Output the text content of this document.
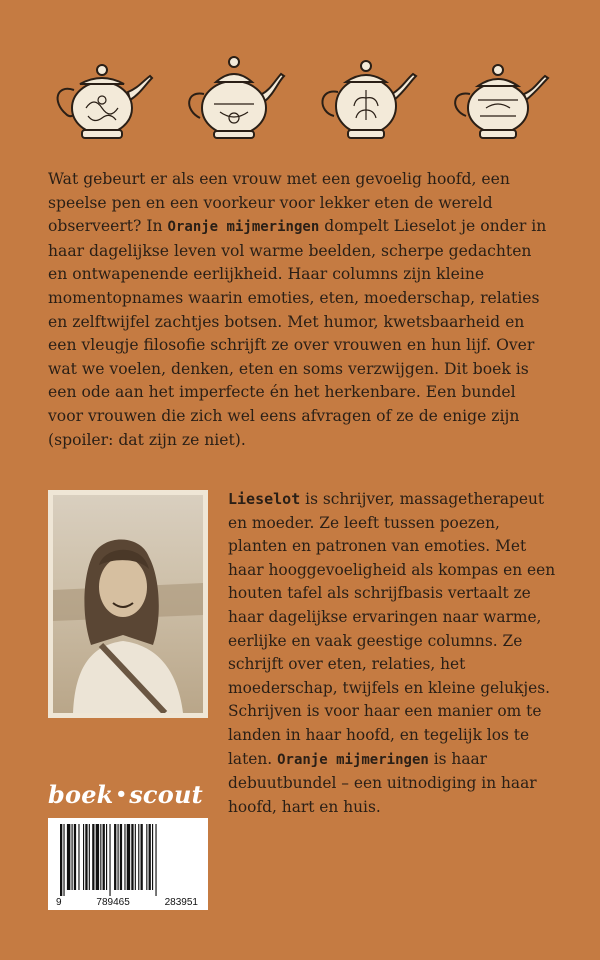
Wat gebeurt er als een vrouw met een gevoelig hoofd, een speelse pen en een voorkeur voor lekker eten de wereld observeert? In Oranje mijmeringen dompelt Lieselot je onder in haar dagelijkse leven vol warme beelden, scherpe gedachten en ontwapenende eerlijkheid. Haar columns zijn kleine momentopnames waarin emoties, eten, moederschap, relaties en zelftwijfel zachtjes botsen. Met humor, kwetsbaarheid en een vleugje filosofie schrijft ze over vrouwen en hun lijf. Over wat we voelen, denken, eten en soms verzwijgen. Dit boek is een ode aan het imperfecte én het herkenbare. Een bundel voor vrouwen die zich wel eens afvragen of ze de enige zijn (spoiler: dat zijn ze niet).

Lieselot is schrijver, massagetherapeut en moeder. Ze leeft tussen poezen, planten en patronen van emoties. Met haar hooggevoeligheid als kompas en een houten tafel als schrijfbasis vertaalt ze haar dagelijkse ervaringen naar warme, eerlijke en vaak geestige columns. Ze schrijft over eten, relaties, het moederschap, twijfels en kleine gelukjes. Schrijven is voor haar een manier om te landen in haar hoofd, en tegelijk los te laten. Oranje mijmeringen is haar debuutbundel – een uitnodiging in haar hoofd, hart en huis.

boek •scout
9	789465	283951
